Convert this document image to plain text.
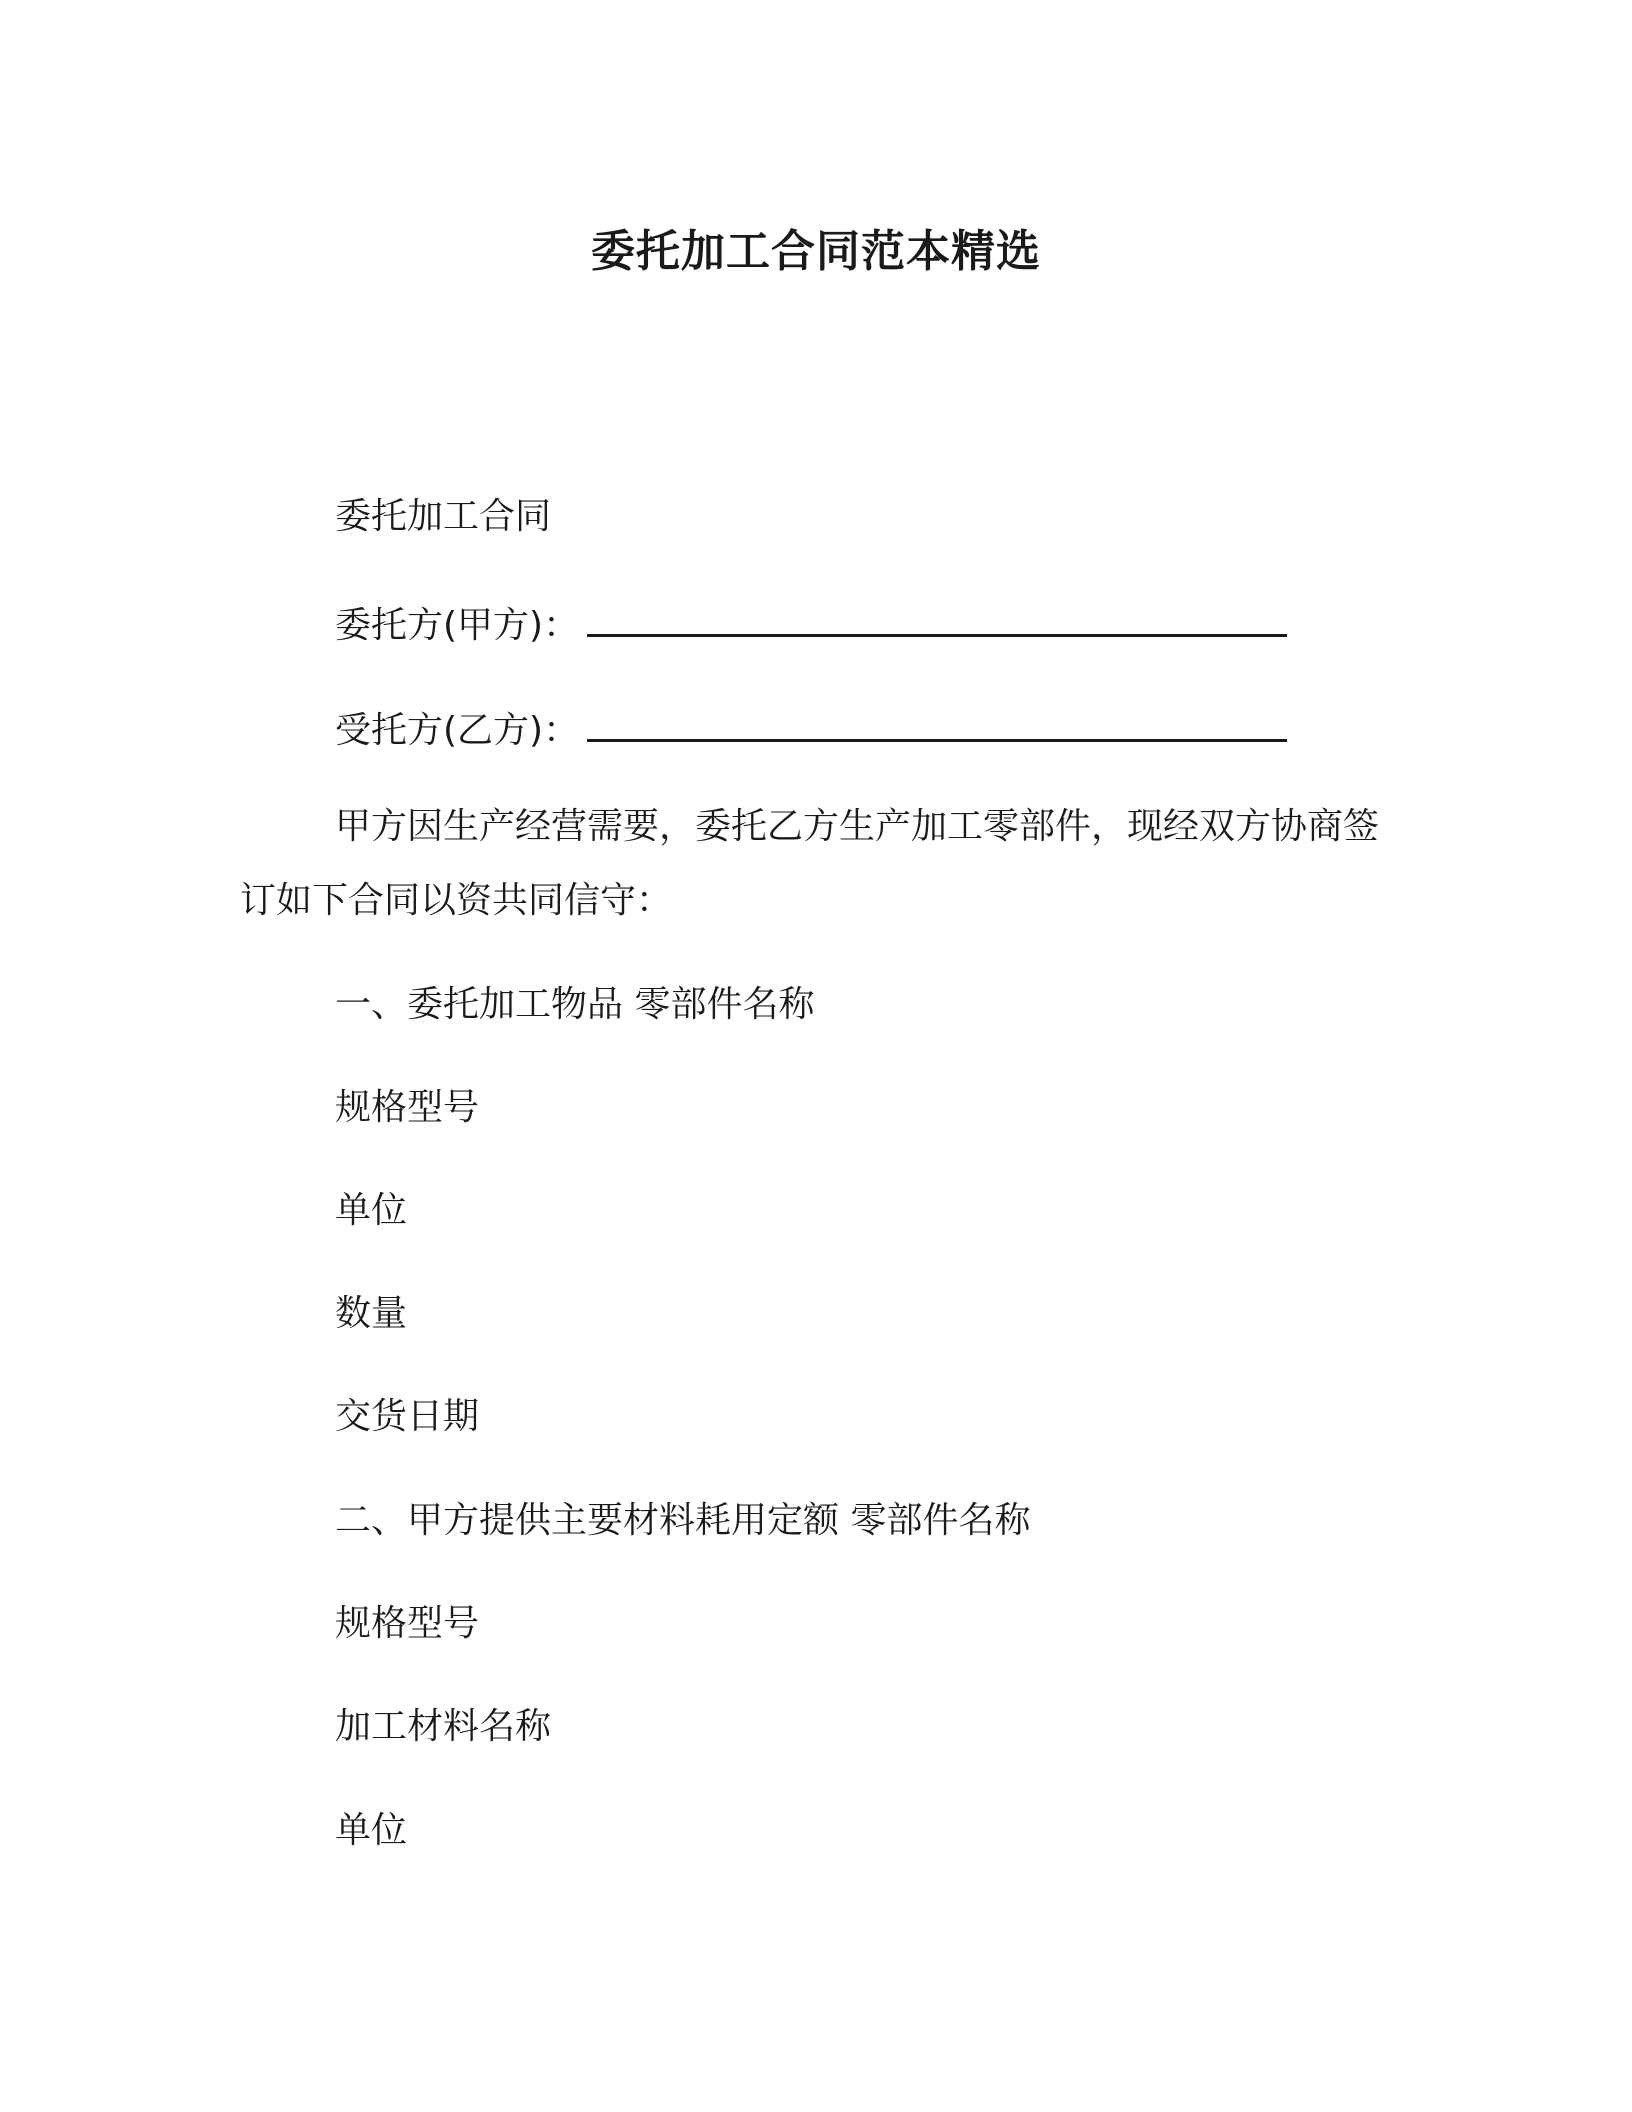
委托加工合同范本精选
委托加工合同
委托方(甲方)：
受托方(乙方)：
甲方因生产经营需要，委托乙方生产加工零部件，现经双方协商签订如下合同以资共同信守：
一、委托加工物品 零部件名称
规格型号
单位
数量
交货日期
二、甲方提供主要材料耗用定额 零部件名称
规格型号
加工材料名称
单位
